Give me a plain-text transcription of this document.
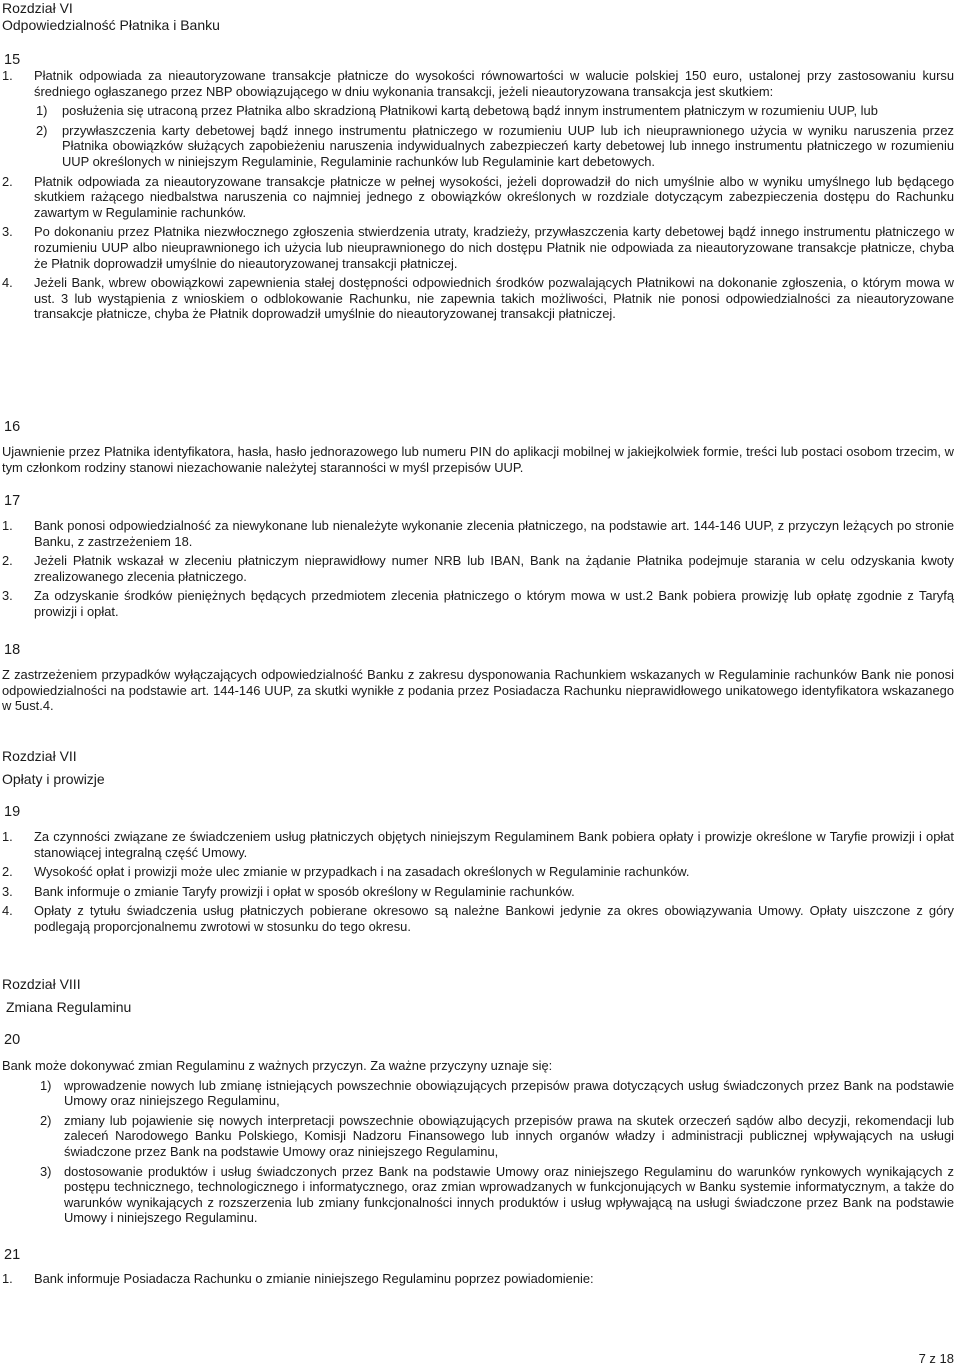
Rozdział VI
Odpowiedzialność Płatnika i Banku
15
1.	Płatnik odpowiada za nieautoryzowane transakcje płatnicze do wysokości równowartości w walucie polskiej 150 euro, ustalonej przy zastosowaniu kursu średniego ogłaszanego przez NBP obowiązującego w dniu wykonania transakcji, jeżeli nieautoryzowana transakcja jest skutkiem:
1)	posłużenia się utraconą przez Płatnika albo skradzioną Płatnikowi kartą debetową bądź innym instrumentem płatniczym w rozumieniu UUP, lub
2)	przywłaszczenia karty debetowej bądź innego instrumentu płatniczego w rozumieniu UUP lub ich nieuprawnionego użycia w wyniku naruszenia przez Płatnika obowiązków służących zapobieżeniu naruszenia indywidualnych zabezpieczeń karty debetowej lub innego instrumentu płatniczego w rozumieniu UUP określonych w niniejszym Regulaminie, Regulaminie rachunków lub Regulaminie kart debetowych.
2.	Płatnik odpowiada za nieautoryzowane transakcje płatnicze w pełnej wysokości, jeżeli doprowadził do nich umyślnie albo w wyniku umyślnego lub będącego skutkiem rażącego niedbalstwa naruszenia co najmniej jednego z obowiązków określonych w rozdziale dotyczącym zabezpieczenia dostępu do Rachunku zawartym w Regulaminie rachunków.
3.	Po dokonaniu przez Płatnika niezwłocznego zgłoszenia stwierdzenia utraty, kradzieży, przywłaszczenia karty debetowej bądź innego instrumentu płatniczego w rozumieniu UUP albo nieuprawnionego ich użycia lub nieuprawnionego do nich dostępu Płatnik nie odpowiada za nieautoryzowane transakcje płatnicze, chyba że Płatnik doprowadził umyślnie do nieautoryzowanej transakcji płatniczej.
4.	Jeżeli Bank, wbrew obowiązkowi zapewnienia stałej dostępności odpowiednich środków pozwalających Płatnikowi na dokonanie zgłoszenia, o którym mowa w ust. 3 lub wystąpienia z wnioskiem o odblokowanie Rachunku, nie zapewnia takich możliwości, Płatnik nie ponosi odpowiedzialności za nieautoryzowane transakcje płatnicze, chyba że Płatnik doprowadził umyślnie do nieautoryzowanej transakcji płatniczej.
16
Ujawnienie przez Płatnika identyfikatora, hasła, hasło jednorazowego lub numeru PIN do aplikacji mobilnej w jakiejkolwiek formie, treści lub postaci osobom trzecim, w tym członkom rodziny stanowi niezachowanie należytej staranności w myśl przepisów UUP.
17
1.	Bank ponosi odpowiedzialność za niewykonane lub nienależyte wykonanie zlecenia płatniczego, na podstawie art. 144-146 UUP, z przyczyn leżących po stronie Banku, z zastrzeżeniem 18.
2.	Jeżeli Płatnik wskazał w zleceniu płatniczym nieprawidłowy numer NRB lub IBAN, Bank na żądanie Płatnika podejmuje starania w celu odzyskania kwoty zrealizowanego zlecenia płatniczego.
3.	Za odzyskanie środków pieniężnych będących przedmiotem zlecenia płatniczego o którym mowa w ust.2 Bank pobiera prowizję lub opłatę zgodnie z Taryfą prowizji i opłat.
18
Z zastrzeżeniem przypadków wyłączających odpowiedzialność Banku z zakresu dysponowania Rachunkiem wskazanych w Regulaminie rachunków Bank nie ponosi odpowiedzialności na podstawie art. 144-146 UUP, za skutki wynikłe z podania przez Posiadacza Rachunku nieprawidłowego unikatowego identyfikatora wskazanego w 5ust.4.
Rozdział VII
Opłaty i prowizje
19
1.	Za czynności związane ze świadczeniem usług płatniczych objętych niniejszym Regulaminem Bank pobiera opłaty i prowizje określone w Taryfie prowizji i opłat stanowiącej integralną część Umowy.
2.	Wysokość opłat i prowizji może ulec zmianie w przypadkach i na zasadach określonych w Regulaminie rachunków.
3.	Bank informuje o zmianie Taryfy prowizji i opłat w sposób określony w Regulaminie rachunków.
4.	Opłaty z tytułu świadczenia usług płatniczych pobierane okresowo są należne Bankowi jedynie za okres obowiązywania Umowy. Opłaty uiszczone z góry podlegają proporcjonalnemu zwrotowi w stosunku do tego okresu.
Rozdział VIII
Zmiana Regulaminu
20
Bank może dokonywać zmian Regulaminu z ważnych przyczyn. Za ważne przyczyny uznaje się:
1) wprowadzenie nowych lub zmianę istniejących powszechnie obowiązujących przepisów prawa dotyczących usług świadczonych przez Bank na podstawie Umowy oraz niniejszego Regulaminu,
2) zmiany lub pojawienie się nowych interpretacji powszechnie obowiązujących przepisów prawa na skutek orzeczeń sądów albo decyzji, rekomendacji lub zaleceń Narodowego Banku Polskiego, Komisji Nadzoru Finansowego lub innych organów władzy i administracji publicznej wpływających na usługi świadczone przez Bank na podstawie Umowy oraz niniejszego Regulaminu,
3) dostosowanie produktów i usług świadczonych przez Bank na podstawie Umowy oraz niniejszego Regulaminu do warunków rynkowych wynikających z postępu technicznego, technologicznego i informatycznego, oraz zmian wprowadzanych w funkcjonujących w Banku systemie informatycznym, a także do warunków wynikających z rozszerzenia lub zmiany funkcjonalności innych produktów i usług wpływającą na usługi świadczone przez Bank na podstawie Umowy i niniejszego Regulaminu.
21
1.	Bank informuje Posiadacza Rachunku o zmianie niniejszego Regulaminu poprzez powiadomienie:
7 z 18
